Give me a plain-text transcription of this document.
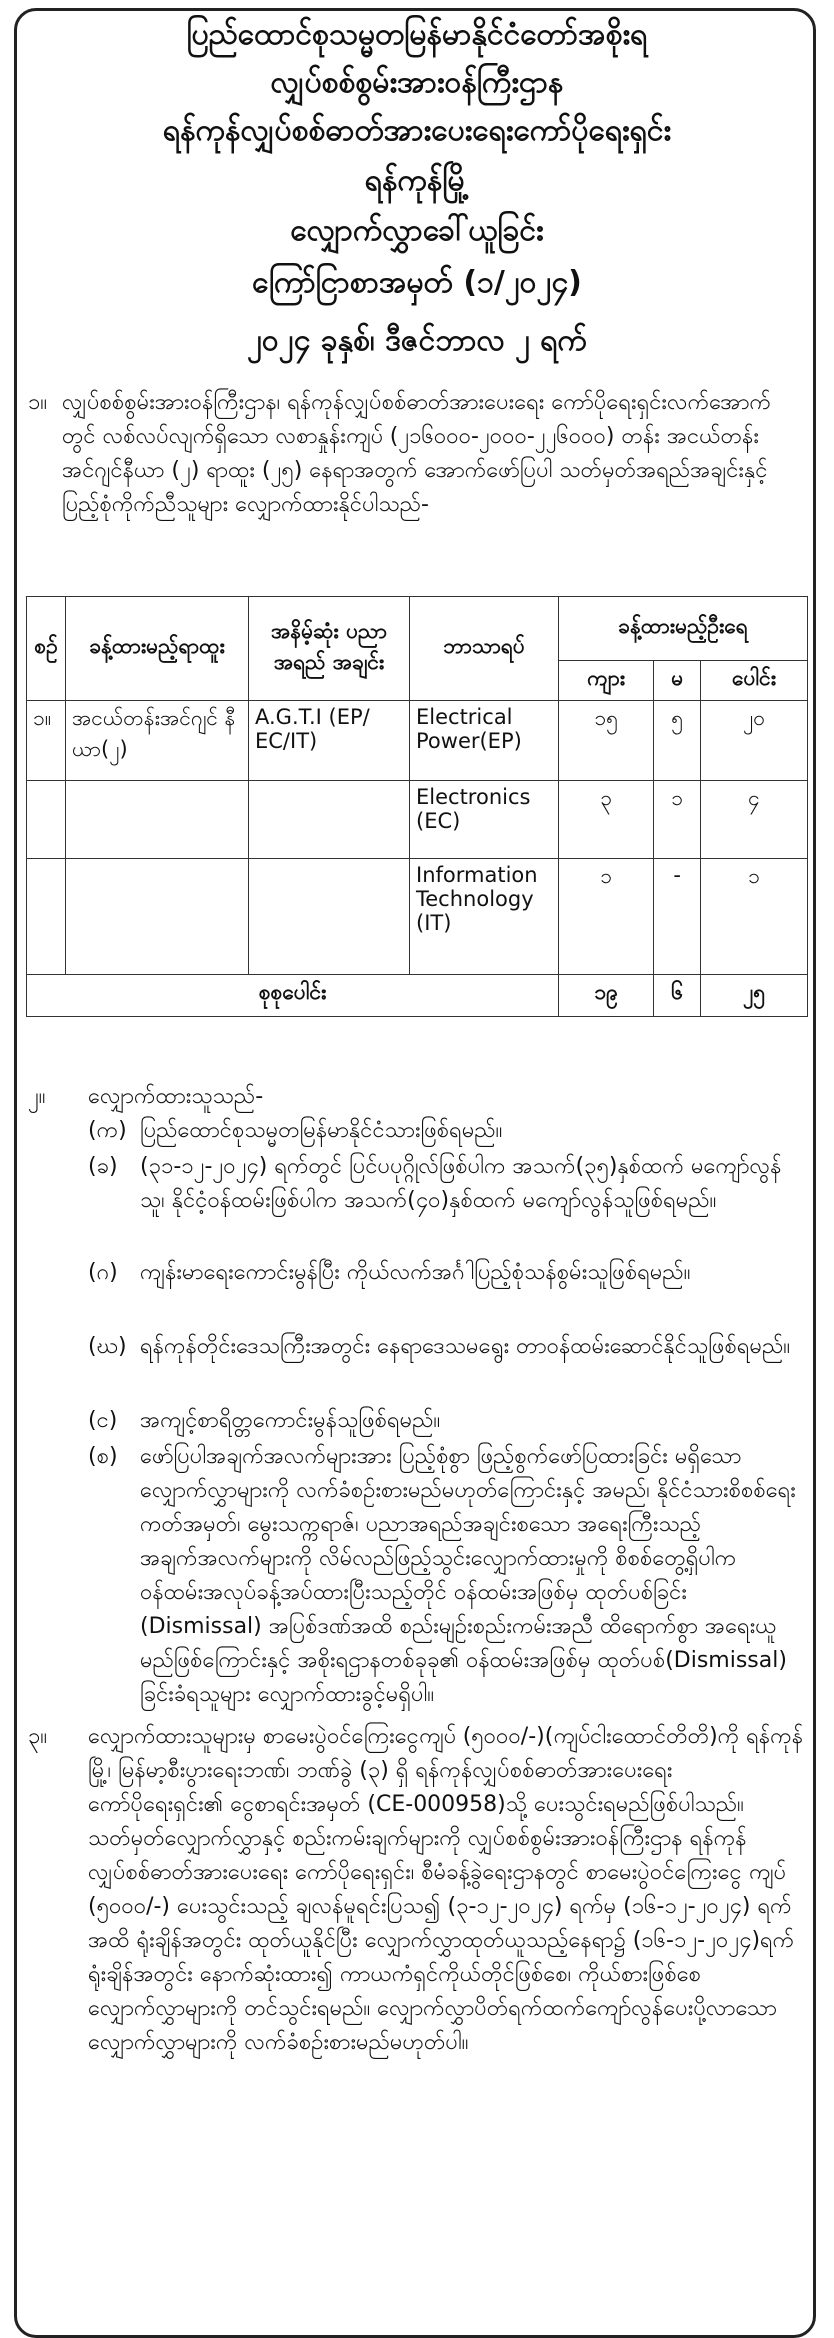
ပြည်ထောင်စုသမ္မတမြန်မာနိုင်ငံတော်အစိုးရ
လျှပ်စစ်စွမ်းအားဝန်ကြီးဌာန
ရန်ကုန်လျှပ်စစ်ဓာတ်အားပေးရေးကော်ပိုရေးရှင်း
ရန်ကုန်မြို့
လျှောက်လွှာခေါ်ယူခြင်း
ကြော်ငြာစာအမှတ် (၁/၂၀၂၄)
၂၀၂၄ ခုနှစ်၊ ဒီဇင်ဘာလ ၂ ရက်
၁။ လျှပ်စစ်စွမ်းအားဝန်ကြီးဌာန၊ ရန်ကုန်လျှပ်စစ်ဓာတ်အားပေးရေး ကော်ပိုရေးရှင်းလက်အောက်တွင် လစ်လပ်လျက်ရှိသော လစာနှုန်းကျပ် (၂၁၆၀၀၀-၂၀၀၀-၂၂၆၀၀၀) တန်း အငယ်တန်းအင်ဂျင်နီယာ (၂) ရာထူး (၂၅) နေရာအတွက် အောက်ဖော်ပြပါ သတ်မှတ်အရည်အချင်းနှင့် ပြည့်စုံကိုက်ညီသူများ လျှောက်ထားနိုင်ပါသည်-
စဉ်	ခန့်ထားမည့်ရာထူး	အနိမ့်ဆုံး ပညာအရည် အချင်း	ဘာသာရပ်	ခန့်ထားမည့်ဦးရေ		
				ကျား	မ	ပေါင်း
၁။	အငယ်တန်းအင်ဂျင် နီယာ(၂)	A.G.T.I (EP/ EC/IT)	Electrical Power(EP)	၁၅	၅	၂၀
			Electronics (EC)	၃	၁	၄
			Information Technology (IT)	၁	-	၁
စုစုပေါင်း				၁၉	၆	၂၅
၂။ လျှောက်ထားသူသည်-
(က) ပြည်ထောင်စုသမ္မတမြန်မာနိုင်ငံသားဖြစ်ရမည်။
(ခ) (၃၁-၁၂-၂၀၂၄) ရက်တွင် ပြင်ပပုဂ္ဂိုလ်ဖြစ်ပါက အသက်(၃၅)နှစ်ထက် မကျော်လွန်သူ၊ နိုင်ငံ့ဝန်ထမ်းဖြစ်ပါက အသက်(၄၀)နှစ်ထက် မကျော်လွန်သူဖြစ်ရမည်။
(ဂ) ကျန်းမာရေးကောင်းမွန်ပြီး ကိုယ်လက်အင်္ဂါပြည့်စုံသန်စွမ်းသူဖြစ်ရမည်။
(ဃ) ရန်ကုန်တိုင်းဒေသကြီးအတွင်း နေရာဒေသမရွေး တာဝန်ထမ်းဆောင်နိုင်သူဖြစ်ရမည်။
(င) အကျင့်စာရိတ္တကောင်းမွန်သူဖြစ်ရမည်။
(စ) ဖော်ပြပါအချက်အလက်များအား ပြည့်စုံစွာ ဖြည့်စွက်ဖော်ပြထားခြင်း မရှိသော လျှောက်လွှာများကို လက်ခံစဉ်းစားမည်မဟုတ်ကြောင်းနှင့် အမည်၊ နိုင်ငံသားစိစစ်ရေးကတ်အမှတ်၊ မွေးသက္ကရာဇ်၊ ပညာအရည်အချင်းစသော အရေးကြီးသည့် အချက်အလက်များကို လိမ်လည်ဖြည့်သွင်းလျှောက်ထားမှုကို စိစစ်တွေ့ရှိပါက ဝန်ထမ်းအလုပ်ခန့်အပ်ထားပြီးသည့်တိုင် ဝန်ထမ်းအဖြစ်မှ ထုတ်ပစ်ခြင်း (Dismissal) အပြစ်ဒဏ်အထိ စည်းမျဉ်းစည်းကမ်းအညီ ထိရောက်စွာ အရေးယူမည်ဖြစ်ကြောင်းနှင့် အစိုးရဌာနတစ်ခုခု၏ ဝန်ထမ်းအဖြစ်မှ ထုတ်ပစ်(Dismissal) ခြင်းခံရသူများ လျှောက်ထားခွင့်မရှိပါ။
၃။ လျှောက်ထားသူများမှ စာမေးပွဲဝင်ကြေးငွေကျပ် (၅၀၀၀/-)(ကျပ်ငါးထောင်တိတိ)ကို ရန်ကုန်မြို့၊ မြန်မာ့စီးပွားရေးဘဏ်၊ ဘဏ်ခွဲ (၃) ရှိ ရန်ကုန်လျှပ်စစ်ဓာတ်အားပေးရေးကော်ပိုရေးရှင်း၏ ငွေစာရင်းအမှတ် (CE-000958)သို့ ပေးသွင်းရမည်ဖြစ်ပါသည်။ သတ်မှတ်လျှောက်လွှာနှင့် စည်းကမ်းချက်များကို လျှပ်စစ်စွမ်းအားဝန်ကြီးဌာန ရန်ကုန်လျှပ်စစ်ဓာတ်အားပေးရေး ကော်ပိုရေးရှင်း၊ စီမံခန့်ခွဲရေးဌာနတွင် စာမေးပွဲဝင်ကြေးငွေ ကျပ် (၅၀၀၀/-) ပေးသွင်းသည့် ချလန်မူရင်းပြသ၍ (၃-၁၂-၂၀၂၄) ရက်မှ (၁၆-၁၂-၂၀၂၄) ရက်အထိ ရုံးချိန်အတွင်း ထုတ်ယူနိုင်ပြီး လျှောက်လွှာထုတ်ယူသည့်နေရာ၌ (၁၆-၁၂-၂၀၂၄)ရက် ရုံးချိန်အတွင်း နောက်ဆုံးထား၍ ကာယကံရှင်ကိုယ်တိုင်ဖြစ်စေ၊ ကိုယ်စားဖြစ်စေ လျှောက်လွှာများကို တင်သွင်းရမည်။ လျှောက်လွှာပိတ်ရက်ထက်ကျော်လွန်ပေးပို့လာသော လျှောက်လွှာများကို လက်ခံစဉ်းစားမည်မဟုတ်ပါ။
